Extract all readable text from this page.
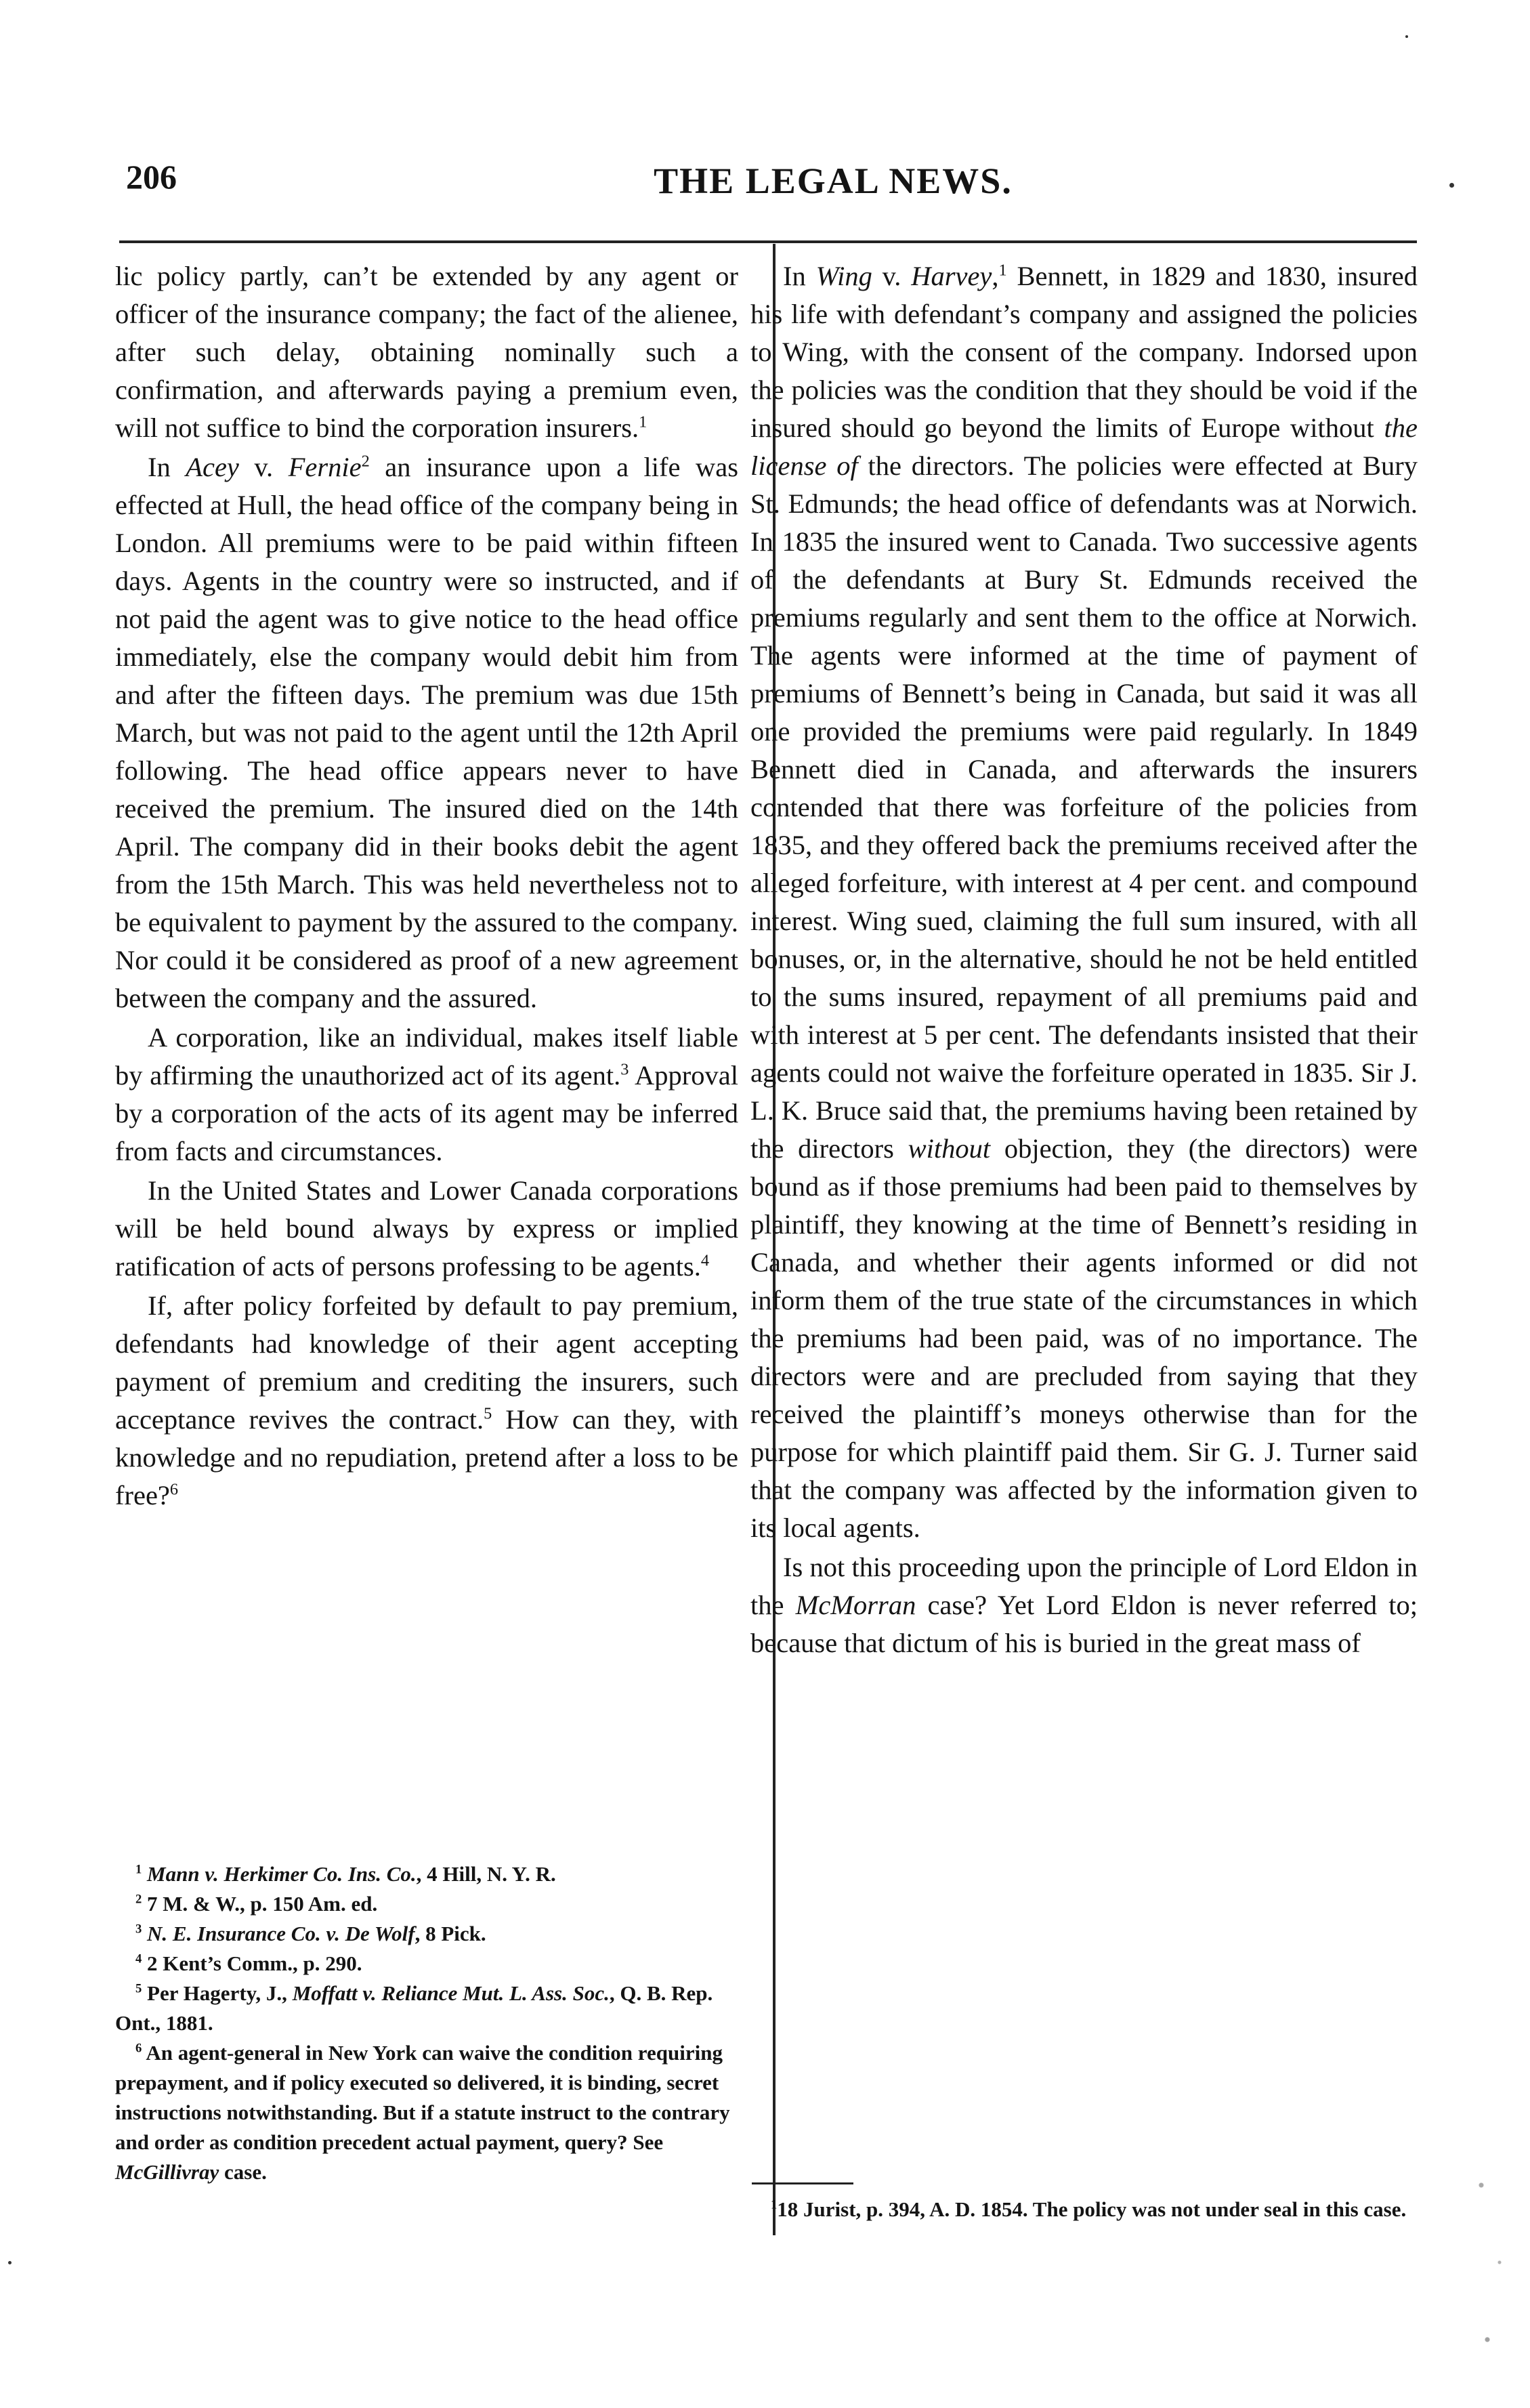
206	THE LEGAL NEWS.

lic policy partly, can’t be extended by any agent or officer of the insurance company; the fact of the alienee, after such delay, obtaining nominally such a confirmation, and afterwards paying a premium even, will not suffice to bind the corporation insurers.$^1$

In Acey v. Fernie$^2$ an insurance upon a life was effected at Hull, the head office of the company being in London. All premiums were to be paid within fifteen days. Agents in the country were so instructed, and if not paid the agent was to give notice to the head office immediately, else the company would debit him from and after the fifteen days. The premium was due 15th March, but was not paid to the agent until the 12th April following. The head office appears never to have received the premium. The insured died on the 14th April. The company did in their books debit the agent from the 15th March. This was held nevertheless not to be equivalent to payment by the assured to the company. Nor could it be considered as proof of a new agreement between the company and the assured.

A corporation, like an individual, makes itself liable by affirming the unauthorized act of its agent.$^3$ Approval by a corporation of the acts of its agent may be inferred from facts and circumstances.

In the United States and Lower Canada corporations will be held bound always by express or implied ratification of acts of persons professing to be agents.$^4$

If, after policy forfeited by default to pay premium, defendants had knowledge of their agent accepting payment of premium and crediting the insurers, such acceptance revives the contract.$^5$ How can they, with knowledge and no repudiation, pretend after a loss to be free?$^6$

$^1$ Mann v. Herkimer Co. Ins. Co., 4 Hill, N. Y. R.

$^2$ 7 M. & W., p. 150 Am. ed.

$^3$ N. E. Insurance Co. v. De Wolf, 8 Pick.

$^4$ 2 Kent’s Comm., p. 290.

$^5$ Per Hagerty, J., Moffatt v. Reliance Mut. L. Ass. Soc., Q. B. Rep. Ont., 1881.

$^6$ An agent-general in New York can waive the condition requiring prepayment, and if policy executed so delivered, it is binding, secret instructions notwithstanding. But if a statute instruct to the contrary and order as condition precedent actual payment, query? See McGillivray case.

In Wing v. Harvey,$^1$ Bennett, in 1829 and 1830, insured his life with defendant’s company and assigned the policies to Wing, with the consent of the company. Indorsed upon the policies was the condition that they should be void if the insured should go beyond the limits of Europe without the license of the directors. The policies were effected at Bury St. Edmunds; the head office of defendants was at Norwich. In 1835 the insured went to Canada. Two successive agents of the defendants at Bury St. Edmunds received the premiums regularly and sent them to the office at Norwich. The agents were informed at the time of payment of premiums of Bennett’s being in Canada, but said it was all one provided the premiums were paid regularly. In 1849 Bennett died in Canada, and afterwards the insurers contended that there was forfeiture of the policies from 1835, and they offered back the premiums received after the alleged forfeiture, with interest at 4 per cent. and compound interest. Wing sued, claiming the full sum insured, with all bonuses, or, in the alternative, should he not be held entitled to the sums insured, repayment of all premiums paid and with interest at 5 per cent. The defendants insisted that their agents could not waive the forfeiture operated in 1835. Sir J. L. K. Bruce said that, the premiums having been retained by the directors without objection, they (the directors) were bound as if those premiums had been paid to themselves by plaintiff, they knowing at the time of Bennett’s residing in Canada, and whether their agents informed or did not inform them of the true state of the circumstances in which the premiums had been paid, was of no importance. The directors were and are precluded from saying that they received the plaintiff’s moneys otherwise than for the purpose for which plaintiff paid them. Sir G. J. Turner said that the company was affected by the information given to its local agents.

Is not this proceeding upon the principle of Lord Eldon in the McMorran case? Yet Lord Eldon is never referred to; because that dictum of his is buried in the great mass of

$^1$18 Jurist, p. 394, A. D. 1854. The policy was not under seal in this case.
